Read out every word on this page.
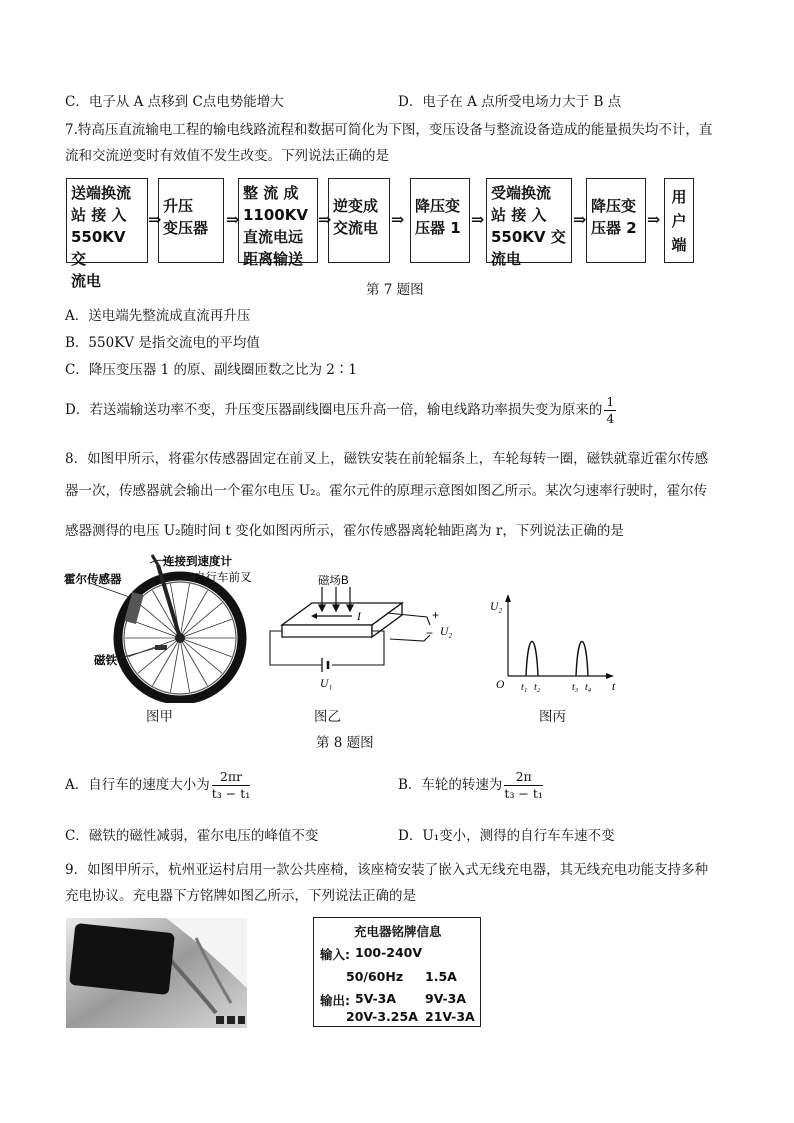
C．电子从 A 点移到 C点电势能增大	D．电子在 A 点所受电场力大于 B 点
7.特高压直流输电工程的输电线路流程和数据可简化为下图，变压设备与整流设备造成的能量损失均不计，直
流和交流逆变时有效值不发生改变。下列说法正确的是
送端换流
站 接 入
550KV 交
流电
升压
变压器
整 流 成
1100KV
直流电远
距离输送
逆变成
交流电
降压变
压器 1
受端换流
站 接 入
550KV 交
流电
降压变
压器 2
用
户
端
⇒	⇒	⇒	⇒	⇒	⇒	⇒
第 7 题图
A．送电端先整流成直流再升压
B．550KV 是指交流电的平均值
C．降压变压器 1 的原、副线圈匝数之比为 2∶1
D．若送端输送功率不变，升压变压器副线圈电压升高一倍，输电线路功率损失变为原来的 $\frac{1}{4}$
8．如图甲所示，将霍尔传感器固定在前叉上，磁铁安装在前轮辐条上，车轮每转一圈，磁铁就靠近霍尔传感
器一次，传感器就会输出一个霍尔电压 U₂。霍尔元件的原理示意图如图乙所示。某次匀速率行驶时，霍尔传
感器测得的电压 U₂随时间 t 变化如图丙所示，霍尔传感器离轮轴距离为 r，下列说法正确的是
连接到速度计
霍尔传感器	自行车前叉
磁铁
图甲
磁场B
I	+
− U₂
U₁
图乙
U₂
t
O t₁ t₂	t₃ t₄
图丙
第 8 题图
A．自行车的速度大小为 $\frac{2\pi r}{\text{t₃ − t₁}}$	B．车轮的转速为 $\frac{2\pi}{\text{t₃ − t₁}}$
C．磁铁的磁性减弱，霍尔电压的峰值不变	D．U₁变小，测得的自行车车速不变
9．如图甲所示，杭州亚运村启用一款公共座椅，该座椅安装了嵌入式无线充电器，其无线充电功能支持多种
充电协议。充电器下方铭牌如图乙所示，下列说法正确的是
充电器铭牌信息
输入: 100-240V
50/60Hz 1.5A
输出: 5V-3A 9V-3A
20V-3.25A 21V-3A
